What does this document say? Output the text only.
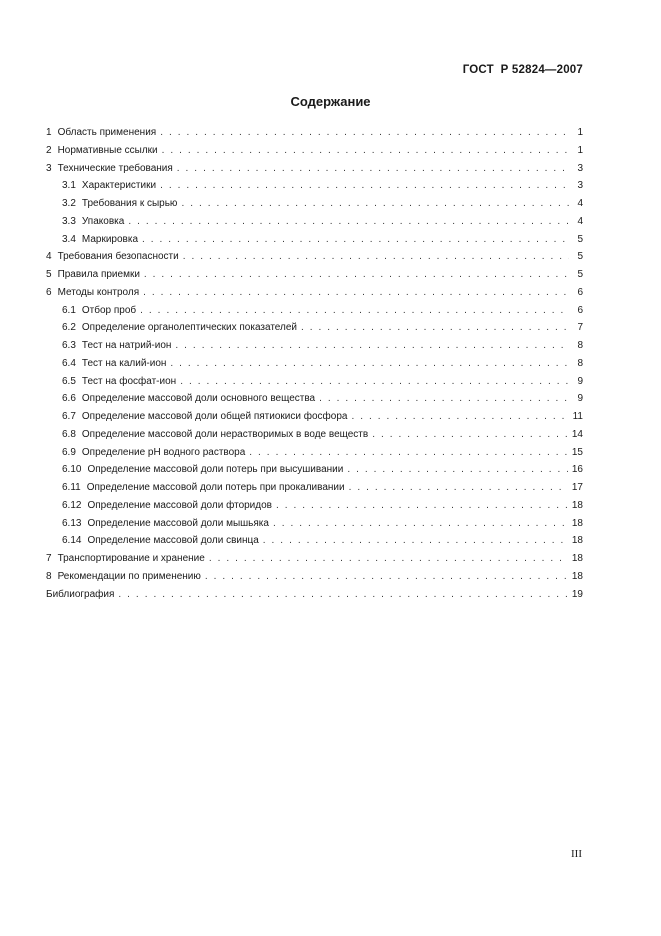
ГОСТ  Р 52824—2007
Содержание
1 Область применения . . .	1
2 Нормативные ссылки . . .	1
3 Технические требования . . .	3
3.1 Характеристики . . .	3
3.2 Требования к сырью . . .	4
3.3 Упаковка . . .	4
3.4 Маркировка . . .	5
4 Требования безопасности . . .	5
5 Правила приемки . . .	5
6 Методы контроля . . .	6
6.1 Отбор проб . . .	6
6.2 Определение органолептических показателей . . .	7
6.3 Тест на натрий-ион . . .	8
6.4 Тест на калий-ион . . .	8
6.5 Тест на фосфат-ион . . .	9
6.6 Определение массовой доли основного вещества . . .	9
6.7 Определение массовой доли общей пятиокиси фосфора . . .	11
6.8 Определение массовой доли нерастворимых в воде веществ . . .	14
6.9 Определение рН водного раствора . . .	15
6.10 Определение массовой доли потерь при высушивании . . .	16
6.11 Определение массовой доли потерь при прокаливании . . .	17
6.12 Определение массовой доли фторидов . . .	18
6.13 Определение массовой доли мышьяка . . .	18
6.14 Определение массовой доли свинца . . .	18
7 Транспортирование и хранение . . .	18
8 Рекомендации по применению . . .	18
Библиография . . .	19
III
